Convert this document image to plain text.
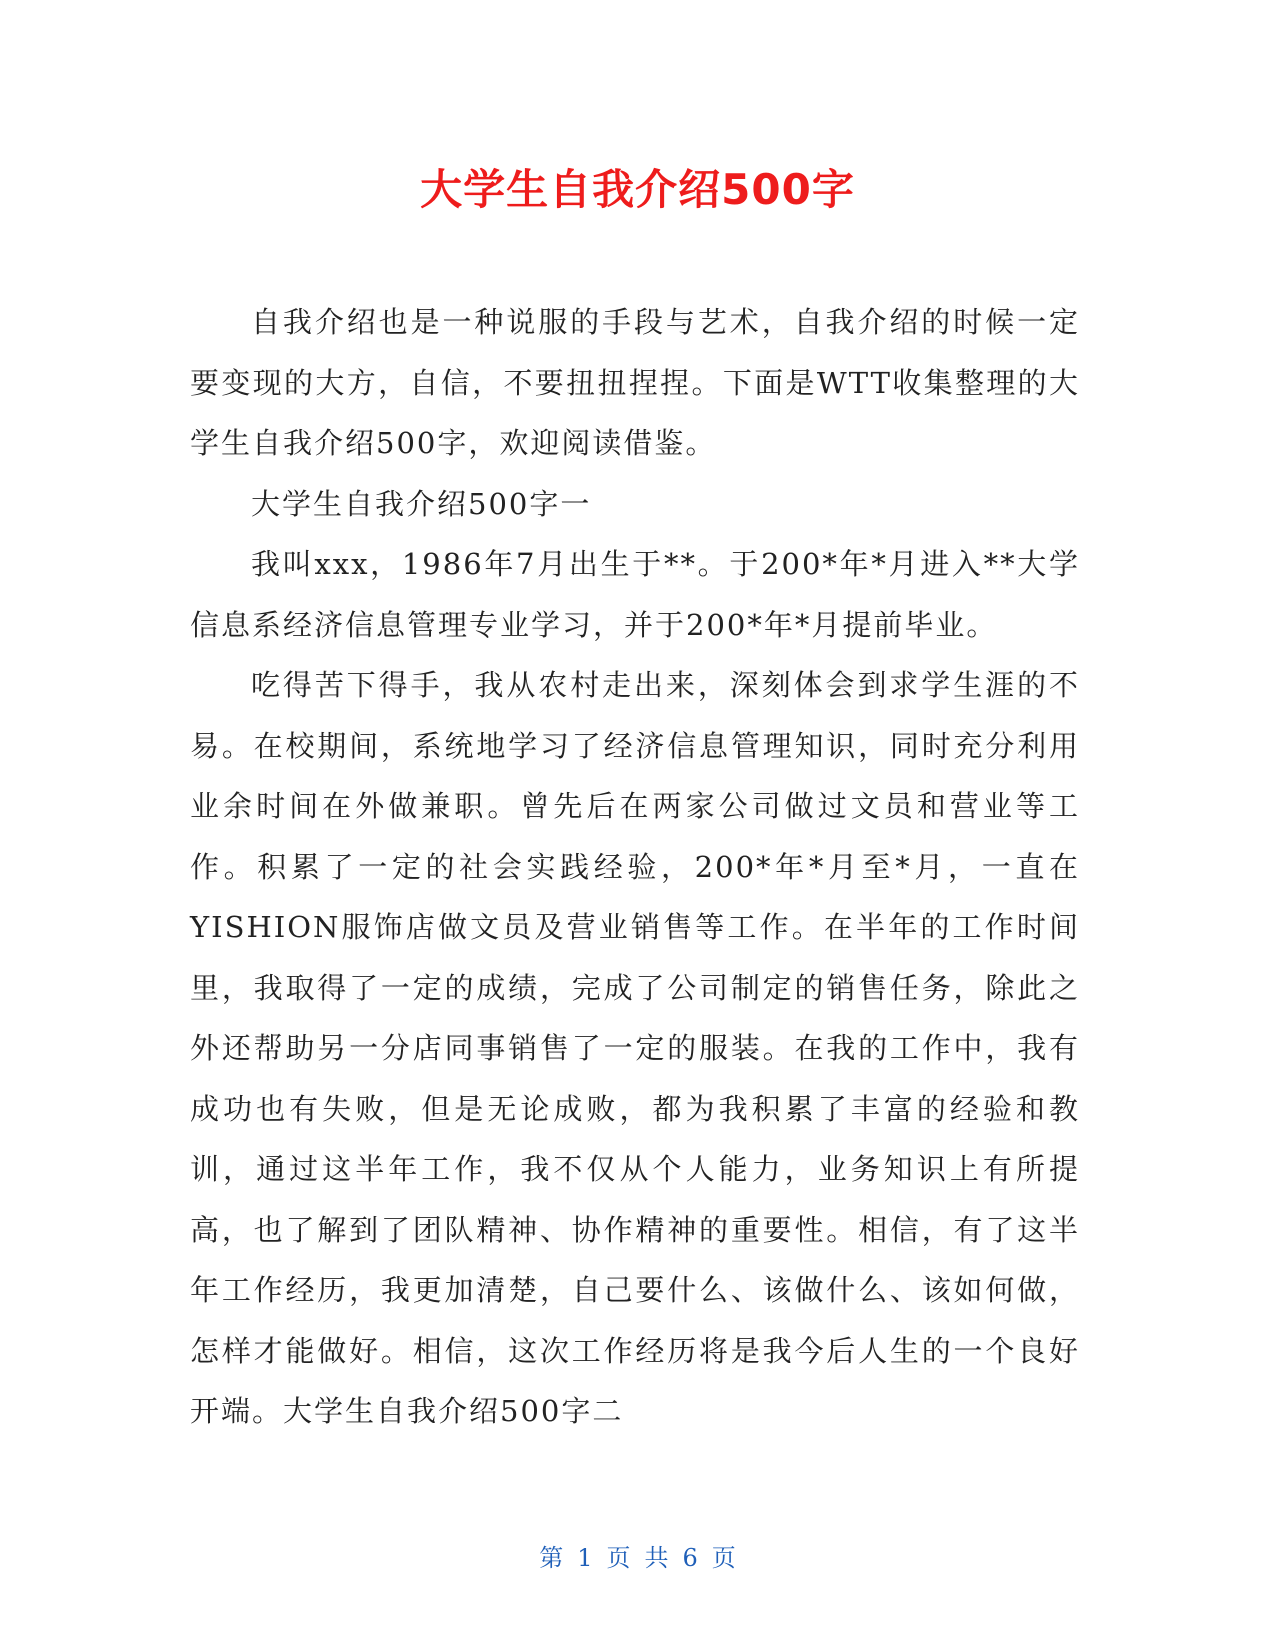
大学生自我介绍500字

自我介绍也是一种说服的手段与艺术，自我介绍的时候一定要变现的大方，自信，不要扭扭捏捏。下面是WTT收集整理的大学生自我介绍500字，欢迎阅读借鉴。

大学生自我介绍500字一

我叫xxx，1986年7月出生于**。于200*年*月进入**大学信息系经济信息管理专业学习，并于200*年*月提前毕业。

吃得苦下得手，我从农村走出来，深刻体会到求学生涯的不易。在校期间，系统地学习了经济信息管理知识，同时充分利用业余时间在外做兼职。曾先后在两家公司做过文员和营业等工作。积累了一定的社会实践经验，200*年*月至*月，一直在YISHION服饰店做文员及营业销售等工作。在半年的工作时间里，我取得了一定的成绩，完成了公司制定的销售任务，除此之外还帮助另一分店同事销售了一定的服装。在我的工作中，我有成功也有失败，但是无论成败，都为我积累了丰富的经验和教训，通过这半年工作，我不仅从个人能力，业务知识上有所提高，也了解到了团队精神、协作精神的重要性。相信，有了这半年工作经历，我更加清楚，自己要什么、该做什么、该如何做，怎样才能做好。相信，这次工作经历将是我今后人生的一个良好开端。大学生自我介绍500字二

第 1 页 共 6 页
